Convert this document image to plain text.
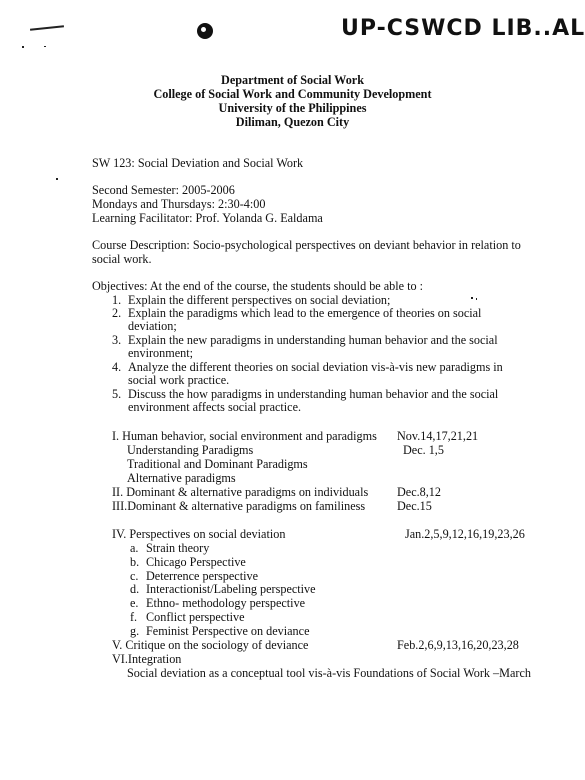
UP-CSWCD LIB..AL
Department of Social Work
College of Social Work and Community Development
University of the Philippines
Diliman, Quezon City
SW 123: Social Deviation and Social Work
Second Semester: 2005-2006
Mondays and Thursdays: 2:30-4:00
Learning Facilitator: Prof. Yolanda G. Ealdama
Course Description: Socio-psychological perspectives on deviant behavior in relation to
social work.
Objectives: At the end of the course, the students should be able to :
1. Explain the different perspectives on social deviation;
2. Explain the paradigms which lead to the emergence of theories on social
deviation;
3. Explain the new paradigms in understanding human behavior and the social
environment;
4. Analyze the different theories on social deviation vis-à-vis new paradigms in
social work practice.
5. Discuss the how paradigms in understanding human behavior and the social
environment affects social practice.
I. Human behavior, social environment and paradigms Nov.14,17,21,21
Understanding Paradigms	Dec. 1,5
Traditional and Dominant Paradigms
Alternative paradigms
II. Dominant & alternative paradigms on individuals Dec.8,12
III.Dominant & alternative paradigms on familiness	Dec.15
IV. Perspectives on social deviation	Jan.2,5,9,12,16,19,23,26
a. Strain theory
b. Chicago Perspective
c. Deterrence perspective
d. Interactionist/Labeling perspective
e. Ethno- methodology perspective
f. Conflict perspective
g. Feminist Perspective on deviance
V. Critique on the sociology of deviance	Feb.2,6,9,13,16,20,23,28
VI.Integration
Social deviation as a conceptual tool vis-à-vis Foundations of Social Work –March
